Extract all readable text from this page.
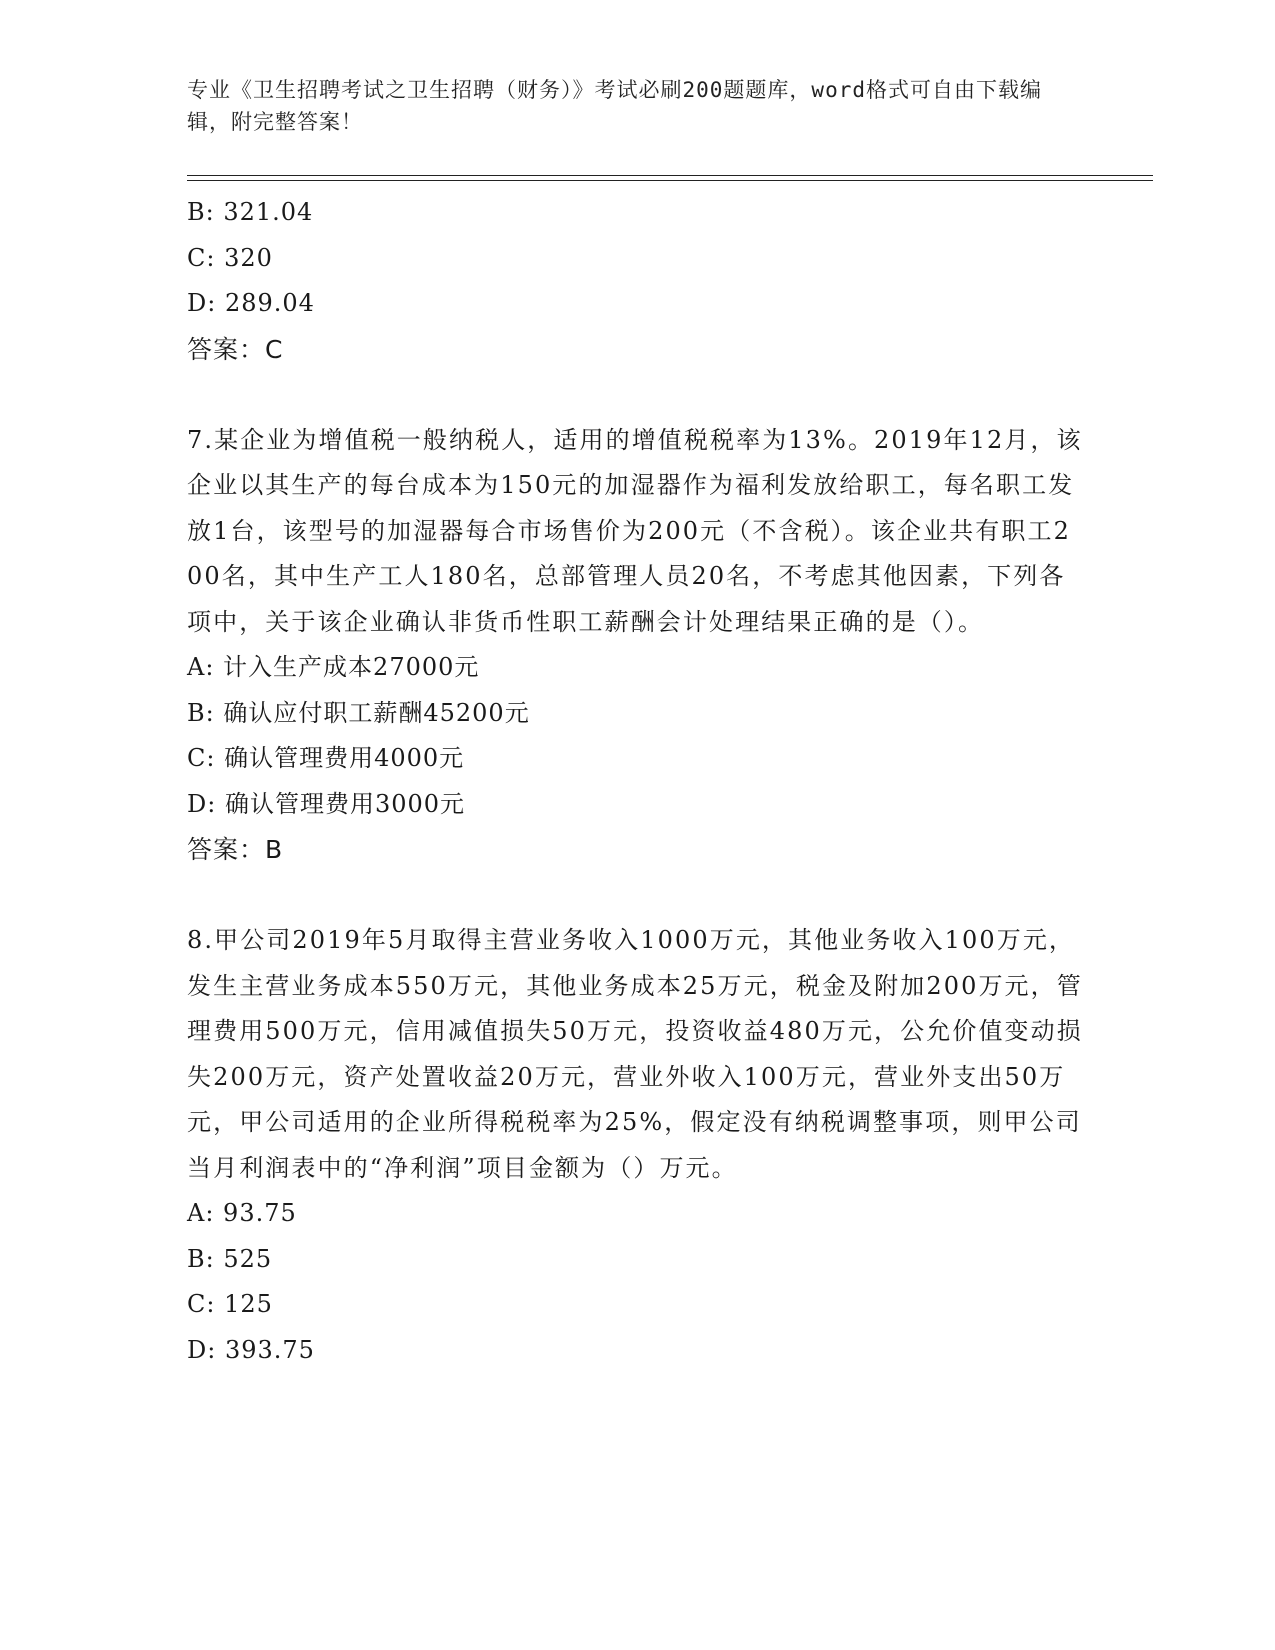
专业《卫生招聘考试之卫生招聘（财务）》考试必刷200题题库，word格式可自由下载编辑，附完整答案！
B: 321.04
C: 320
D: 289.04
答案：C
7.某企业为增值税一般纳税人，适用的增值税税率为13%。2019年12月，该企业以其生产的每台成本为150元的加湿器作为福利发放给职工，每名职工发放1台，该型号的加湿器每合市场售价为200元（不含税）。该企业共有职工200名，其中生产工人180名，总部管理人员20名，不考虑其他因素，下列各项中，关于该企业确认非货币性职工薪酬会计处理结果正确的是（）。
A: 计入生产成本27000元
B: 确认应付职工薪酬45200元
C: 确认管理费用4000元
D: 确认管理费用3000元
答案：B
8.甲公司2019年5月取得主营业务收入1000万元，其他业务收入100万元，发生主营业务成本550万元，其他业务成本25万元，税金及附加200万元，管理费用500万元，信用减值损失50万元，投资收益480万元，公允价值变动损失200万元，资产处置收益20万元，营业外收入100万元，营业外支出50万元，甲公司适用的企业所得税税率为25%，假定没有纳税调整事项，则甲公司当月利润表中的“净利润”项目金额为（）万元。
A: 93.75
B: 525
C: 125
D: 393.75
